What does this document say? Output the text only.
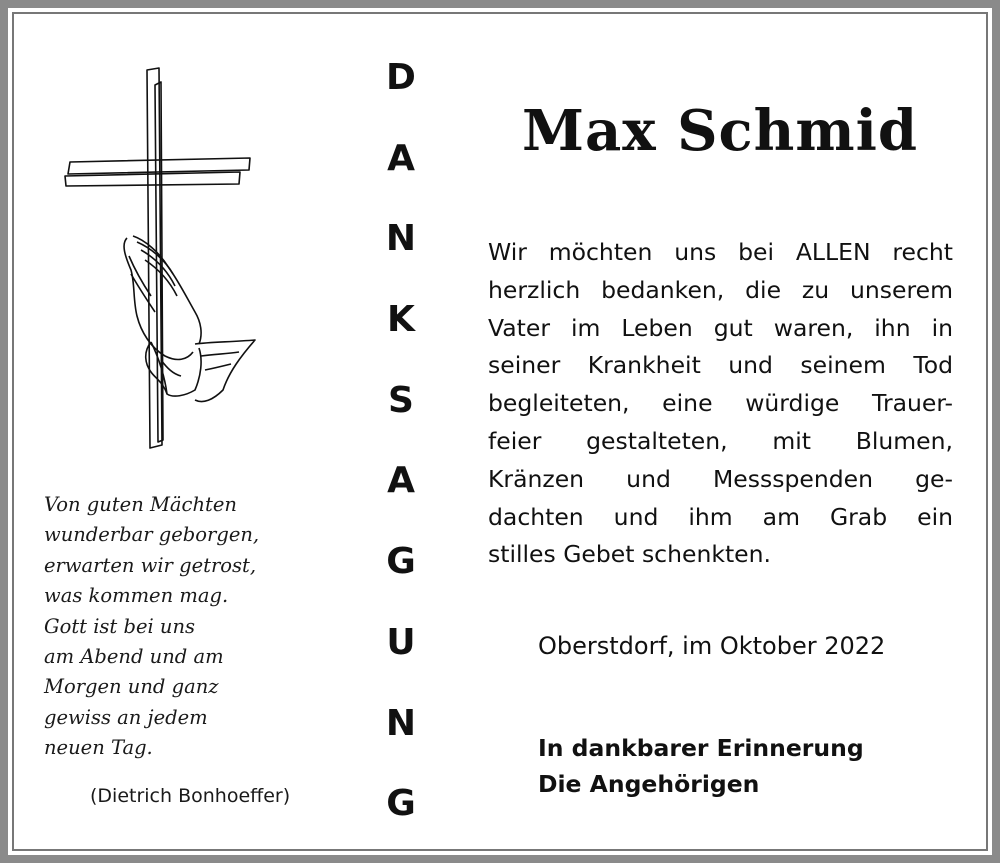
Von guten Mächten
wunderbar geborgen,
erwarten wir getrost,
was kommen mag.
Gott ist bei uns
am Abend und am
Morgen und ganz
gewiss an jedem
neuen Tag.
(Dietrich Bonhoeffer)
D
A
N
K
S
A
G
U
N
G
Max Schmid
Wir möchten uns bei ALLEN recht
herzlich bedanken, die zu unserem
Vater im Leben gut waren, ihn in
seiner Krankheit und seinem Tod
begleiteten, eine würdige Trauer-
feier gestalteten, mit Blumen,
Kränzen und Messspenden ge-
dachten und ihm am Grab ein
stilles Gebet schenkten.
Oberstdorf, im Oktober 2022
In dankbarer Erinnerung
Die Angehörigen
